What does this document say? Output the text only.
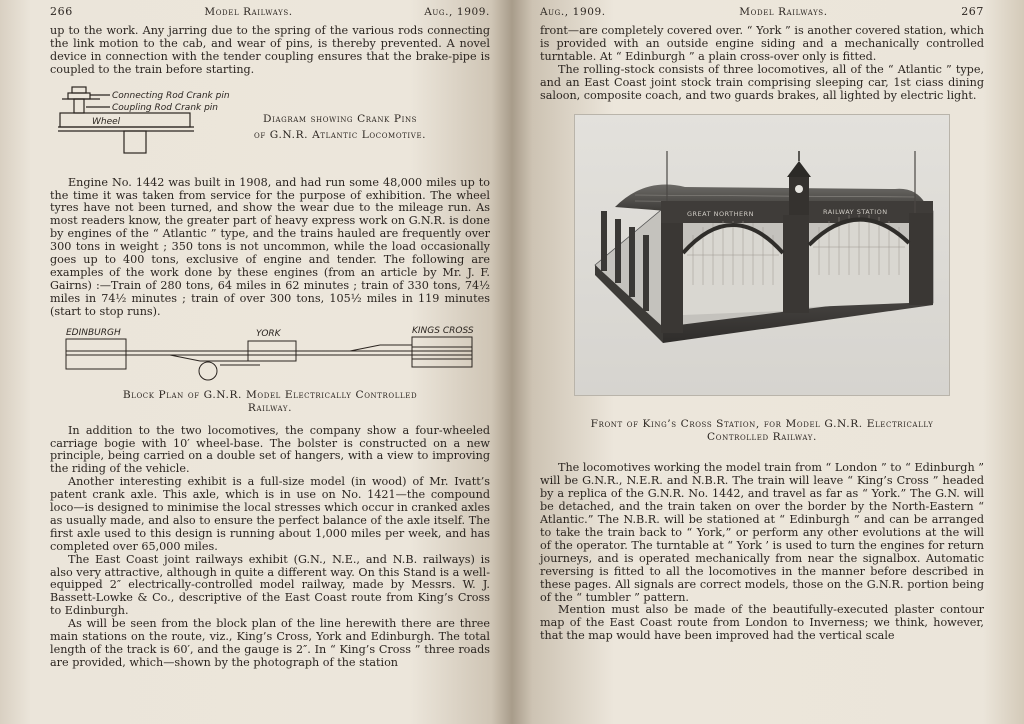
266	Model Railways.	Aug., 1909.

up to the work. Any jarring due to the spring of the various rods connecting the link motion to the cab, and wear of pins, is thereby prevented. A novel device in connection with the tender coupling ensures that the brake-pipe is coupled to the train before starting.

Connecting Rod Crank pin
Coupling Rod Crank pin
Wheel	Diagram showing Crank Pins
of G.N.R. Atlantic Locomotive.

Engine No. 1442 was built in 1908, and had run some 48,000 miles up to the time it was taken from service for the purpose of exhibition. The wheel tyres have not been turned, and show the wear due to the mileage run. As most readers know, the greater part of heavy express work on G.N.R. is done by engines of the “ Atlantic ” type, and the trains hauled are frequently over 300 tons in weight ; 350 tons is not uncommon, while the load occasionally goes up to 400 tons, exclusive of engine and tender. The following are examples of the work done by these engines (from an article by Mr. J. F. Gairns) :—Train of 280 tons, 64 miles in 62 minutes ; train of 330 tons, 74½ miles in 74½ minutes ; train of over 300 tons, 105½ miles in 119 minutes (start to stop runs).

EDINBURGH	YORK	KINGS CROSS
Block Plan of G.N.R. Model Electrically Controlled
Railway.

In addition to the two locomotives, the company show a four-wheeled carriage bogie with 10′ wheel-base. The bolster is constructed on a new principle, being carried on a double set of hangers, with a view to improving the riding of the vehicle.

Another interesting exhibit is a full-size model (in wood) of Mr. Ivatt’s patent crank axle. This axle, which is in use on No. 1421—the compound loco—is designed to minimise the local stresses which occur in cranked axles as usually made, and also to ensure the perfect balance of the axle itself. The first axle used to this design is running about 1,000 miles per week, and has completed over 65,000 miles.

The East Coast joint railways exhibit (G.N., N.E., and N.B. railways) is also very attractive, although in quite a different way. On this Stand is a well-equipped 2″ electrically-controlled model railway, made by Messrs. W. J. Bassett-Lowke & Co., descriptive of the East Coast route from King’s Cross to Edinburgh.

As will be seen from the block plan of the line herewith there are three main stations on the route, viz., King’s Cross, York and Edinburgh. The total length of the track is 60′, and the gauge is 2″. In “ King’s Cross ” three roads are provided, which—shown by the photograph of the station

Aug., 1909.	Model Railways.	267

front—are completely covered over. “ York ” is another covered station, which is provided with an outside engine siding and a mechanically controlled turntable. At “ Edinburgh ” a plain cross-over only is fitted.

The rolling-stock consists of three locomotives, all of the “ Atlantic ” type, and an East Coast joint stock train comprising sleeping car, 1st ciass dining saloon, composite coach, and two guards brakes, all lighted by electric light.

GREAT NORTHERN	RAILWAY STATION
Front of King’s Cross Station, for Model G.N.R. Electrically
Controlled Railway.

The locomotives working the model train from “ London ” to “ Edinburgh ” will be G.N.R., N.E.R. and N.B.R. The train will leave “ King’s Cross ” headed by a replica of the G.N.R. No. 1442, and travel as far as “ York.” The G.N. will be detached, and the train taken on over the border by the North-Eastern “ Atlantic.” The N.B.R. will be stationed at “ Edinburgh ” and can be arranged to take the train back to “ York,” or perform any other evolutions at the will of the operator. The turntable at “ York ’ is used to turn the engines for return journeys, and is operated mechanically from near the signalbox. Automatic reversing is fitted to all the locomotives in the manner before described in these pages. All signals are correct models, those on the G.N.R. portion being of the “ tumbler ” pattern.

Mention must also be made of the beautifully-executed plaster contour map of the East Coast route from London to Inverness; we think, however, that the map would have been improved had the vertical scale
